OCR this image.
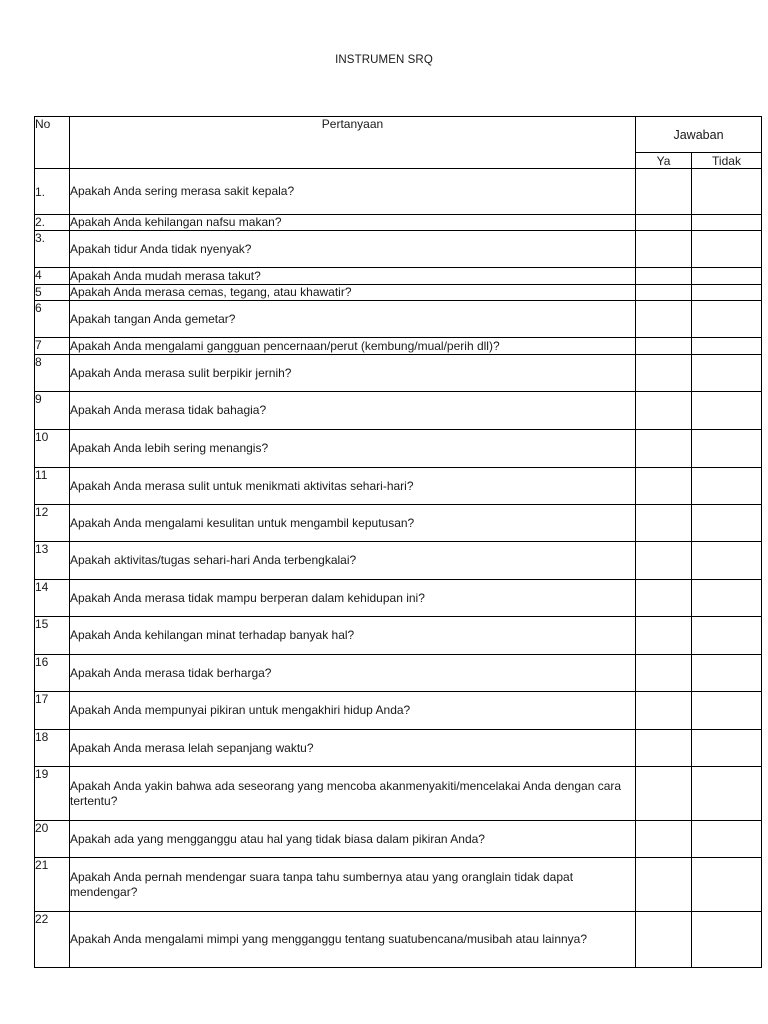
INSTRUMEN SRQ
No	Pertanyaan	Jawaban	
		Ya	Tidak
1.	Apakah Anda sering merasa sakit kepala?		
2.	Apakah Anda kehilangan nafsu makan?		
3.	Apakah tidur Anda tidak nyenyak?		
4	Apakah Anda mudah merasa takut?		
5	Apakah Anda merasa cemas, tegang, atau khawatir?		
6	Apakah tangan Anda gemetar?		
7	Apakah Anda mengalami gangguan pencernaan/perut (kembung/mual/perih dll)?		
8	Apakah Anda merasa sulit berpikir jernih?		
9	Apakah Anda merasa tidak bahagia?		
10	Apakah Anda lebih sering menangis?		
11	Apakah Anda merasa sulit untuk menikmati aktivitas sehari-hari?		
12	Apakah Anda mengalami kesulitan untuk mengambil keputusan?		
13	Apakah aktivitas/tugas sehari-hari Anda terbengkalai?		
14	Apakah Anda merasa tidak mampu berperan dalam kehidupan ini?		
15	Apakah Anda kehilangan minat terhadap banyak hal?		
16	Apakah Anda merasa tidak berharga?		
17	Apakah Anda mempunyai pikiran untuk mengakhiri hidup Anda?		
18	Apakah Anda merasa lelah sepanjang waktu?		
19	Apakah Anda yakin bahwa ada seseorang yang mencoba akanmenyakiti/mencelakai Anda dengan cara tertentu?		
20	Apakah ada yang mengganggu atau hal yang tidak biasa dalam pikiran Anda?		
21	Apakah Anda pernah mendengar suara tanpa tahu sumbernya atau yang oranglain tidak dapat mendengar?		
22	Apakah Anda mengalami mimpi yang mengganggu tentang suatubencana/musibah atau lainnya?		
